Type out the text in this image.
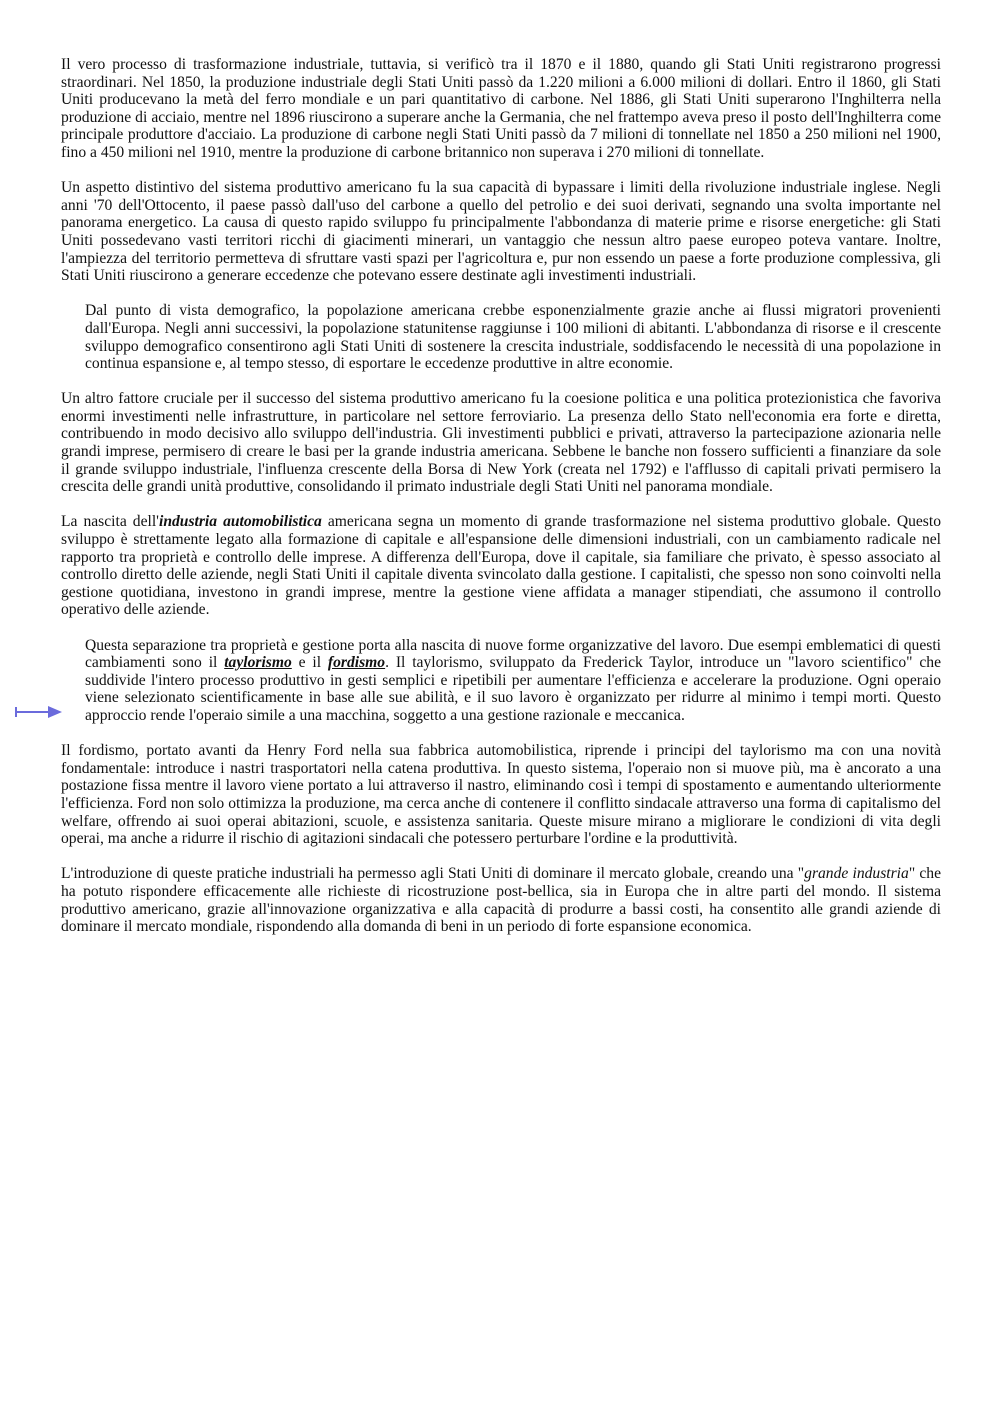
Il vero processo di trasformazione industriale, tuttavia, si verificò tra il 1870 e il 1880, quando gli Stati Uniti registrarono progressi straordinari. Nel 1850, la produzione industriale degli Stati Uniti passò da 1.220 milioni a 6.000 milioni di dollari. Entro il 1860, gli Stati Uniti producevano la metà del ferro mondiale e un pari quantitativo di carbone. Nel 1886, gli Stati Uniti superarono l'Inghilterra nella produzione di acciaio, mentre nel 1896 riuscirono a superare anche la Germania, che nel frattempo aveva preso il posto dell'Inghilterra come principale produttore d'acciaio. La produzione di carbone negli Stati Uniti passò da 7 milioni di tonnellate nel 1850 a 250 milioni nel 1900, fino a 450 milioni nel 1910, mentre la produzione di carbone britannico non superava i 270 milioni di tonnellate.

Un aspetto distintivo del sistema produttivo americano fu la sua capacità di bypassare i limiti della rivoluzione industriale inglese. Negli anni '70 dell'Ottocento, il paese passò dall'uso del carbone a quello del petrolio e dei suoi derivati, segnando una svolta importante nel panorama energetico. La causa di questo rapido sviluppo fu principalmente l'abbondanza di materie prime e risorse energetiche: gli Stati Uniti possedevano vasti territori ricchi di giacimenti minerari, un vantaggio che nessun altro paese europeo poteva vantare. Inoltre, l'ampiezza del territorio permetteva di sfruttare vasti spazi per l'agricoltura e, pur non essendo un paese a forte produzione complessiva, gli Stati Uniti riuscirono a generare eccedenze che potevano essere destinate agli investimenti industriali.

Dal punto di vista demografico, la popolazione americana crebbe esponenzialmente grazie anche ai flussi migratori provenienti dall'Europa. Negli anni successivi, la popolazione statunitense raggiunse i 100 milioni di abitanti. L'abbondanza di risorse e il crescente sviluppo demografico consentirono agli Stati Uniti di sostenere la crescita industriale, soddisfacendo le necessità di una popolazione in continua espansione e, al tempo stesso, di esportare le eccedenze produttive in altre economie.

Un altro fattore cruciale per il successo del sistema produttivo americano fu la coesione politica e una politica protezionistica che favoriva enormi investimenti nelle infrastrutture, in particolare nel settore ferroviario. La presenza dello Stato nell'economia era forte e diretta, contribuendo in modo decisivo allo sviluppo dell'industria. Gli investimenti pubblici e privati, attraverso la partecipazione azionaria nelle grandi imprese, permisero di creare le basi per la grande industria americana. Sebbene le banche non fossero sufficienti a finanziare da sole il grande sviluppo industriale, l'influenza crescente della Borsa di New York (creata nel 1792) e l'afflusso di capitali privati permisero la crescita delle grandi unità produttive, consolidando il primato industriale degli Stati Uniti nel panorama mondiale.

La nascita dell'industria automobilistica americana segna un momento di grande trasformazione nel sistema produttivo globale. Questo sviluppo è strettamente legato alla formazione di capitale e all'espansione delle dimensioni industriali, con un cambiamento radicale nel rapporto tra proprietà e controllo delle imprese. A differenza dell'Europa, dove il capitale, sia familiare che privato, è spesso associato al controllo diretto delle aziende, negli Stati Uniti il capitale diventa svincolato dalla gestione. I capitalisti, che spesso non sono coinvolti nella gestione quotidiana, investono in grandi imprese, mentre la gestione viene affidata a manager stipendiati, che assumono il controllo operativo delle aziende.

Questa separazione tra proprietà e gestione porta alla nascita di nuove forme organizzative del lavoro. Due esempi emblematici di questi cambiamenti sono il taylorismo e il fordismo. Il taylorismo, sviluppato da Frederick Taylor, introduce un "lavoro scientifico" che suddivide l'intero processo produttivo in gesti semplici e ripetibili per aumentare l'efficienza e accelerare la produzione. Ogni operaio viene selezionato scientificamente in base alle sue abilità, e il suo lavoro è organizzato per ridurre al minimo i tempi morti. Questo approccio rende l'operaio simile a una macchina, soggetto a una gestione razionale e meccanica.

Il fordismo, portato avanti da Henry Ford nella sua fabbrica automobilistica, riprende i principi del taylorismo ma con una novità fondamentale: introduce i nastri trasportatori nella catena produttiva. In questo sistema, l'operaio non si muove più, ma è ancorato a una postazione fissa mentre il lavoro viene portato a lui attraverso il nastro, eliminando così i tempi di spostamento e aumentando ulteriormente l'efficienza. Ford non solo ottimizza la produzione, ma cerca anche di contenere il conflitto sindacale attraverso una forma di capitalismo del welfare, offrendo ai suoi operai abitazioni, scuole, e assistenza sanitaria. Queste misure mirano a migliorare le condizioni di vita degli operai, ma anche a ridurre il rischio di agitazioni sindacali che potessero perturbare l'ordine e la produttività.

L'introduzione di queste pratiche industriali ha permesso agli Stati Uniti di dominare il mercato globale, creando una "grande industria" che ha potuto rispondere efficacemente alle richieste di ricostruzione post-bellica, sia in Europa che in altre parti del mondo. Il sistema produttivo americano, grazie all'innovazione organizzativa e alla capacità di produrre a bassi costi, ha consentito alle grandi aziende di dominare il mercato mondiale, rispondendo alla domanda di beni in un periodo di forte espansione economica.
